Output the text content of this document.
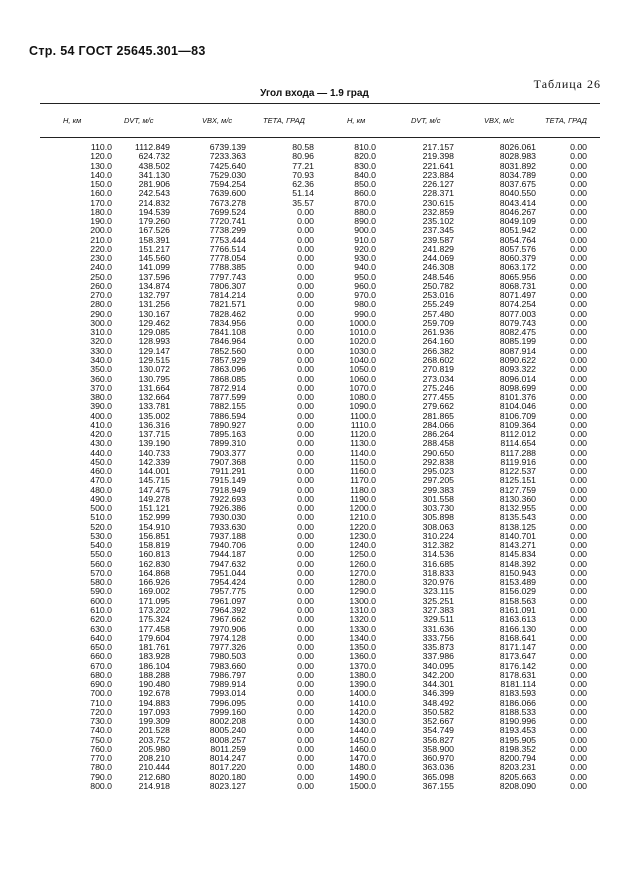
Стр. 54 ГОСТ 25645.301—83
Таблица 26
Угол входа — 1.9 град
H, км	DVT, м/с	VBX, м/с	ТЕТА, ГРАД	H, км	DVT, м/с	VBX, м/с	ТЕТА, ГРАД
110.0	1112.849	6739.139	80.58	810.0	217.157	8026.061	0.00
120.0	624.732	7233.363	80.96	820.0	219.398	8028.983	0.00
130.0	438.502	7425.640	77.21	830.0	221.641	8031.892	0.00
140.0	341.130	7529.030	70.93	840.0	223.884	8034.789	0.00
150.0	281.906	7594.254	62.36	850.0	226.127	8037.675	0.00
160.0	242.543	7639.600	51.14	860.0	228.371	8040.550	0.00
170.0	214.832	7673.278	35.57	870.0	230.615	8043.414	0.00
180.0	194.539	7699.524	0.00	880.0	232.859	8046.267	0.00
190.0	179.260	7720.741	0.00	890.0	235.102	8049.109	0.00
200.0	167.526	7738.299	0.00	900.0	237.345	8051.942	0.00
210.0	158.391	7753.444	0.00	910.0	239.587	8054.764	0.00
220.0	151.217	7766.514	0.00	920.0	241.829	8057.576	0.00
230.0	145.560	7778.054	0.00	930.0	244.069	8060.379	0.00
240.0	141.099	7788.385	0.00	940.0	246.308	8063.172	0.00
250.0	137.596	7797.743	0.00	950.0	248.546	8065.956	0.00
260.0	134.874	7806.307	0.00	960.0	250.782	8068.731	0.00
270.0	132.797	7814.214	0.00	970.0	253.016	8071.497	0.00
280.0	131.256	7821.571	0.00	980.0	255.249	8074.254	0.00
290.0	130.167	7828.462	0.00	990.0	257.480	8077.003	0.00
300.0	129.462	7834.956	0.00	1000.0	259.709	8079.743	0.00
310.0	129.085	7841.108	0.00	1010.0	261.936	8082.475	0.00
320.0	128.993	7846.964	0.00	1020.0	264.160	8085.199	0.00
330.0	129.147	7852.560	0.00	1030.0	266.382	8087.914	0.00
340.0	129.515	7857.929	0.00	1040.0	268.602	8090.622	0.00
350.0	130.072	7863.096	0.00	1050.0	270.819	8093.322	0.00
360.0	130.795	7868.085	0.00	1060.0	273.034	8096.014	0.00
370.0	131.664	7872.914	0.00	1070.0	275.246	8098.699	0.00
380.0	132.664	7877.599	0.00	1080.0	277.455	8101.376	0.00
390.0	133.781	7882.155	0.00	1090.0	279.662	8104.046	0.00
400.0	135.002	7886.594	0.00	1100.0	281.865	8106.709	0.00
410.0	136.316	7890.927	0.00	1110.0	284.066	8109.364	0.00
420.0	137.715	7895.163	0.00	1120.0	286.264	8112.012	0.00
430.0	139.190	7899.310	0.00	1130.0	288.458	8114.654	0.00
440.0	140.733	7903.377	0.00	1140.0	290.650	8117.288	0.00
450.0	142.339	7907.368	0.00	1150.0	292.838	8119.916	0.00
460.0	144.001	7911.291	0.00	1160.0	295.023	8122.537	0.00
470.0	145.715	7915.149	0.00	1170.0	297.205	8125.151	0.00
480.0	147.475	7918.949	0.00	1180.0	299.383	8127.759	0.00
490.0	149.278	7922.693	0.00	1190.0	301.558	8130.360	0.00
500.0	151.121	7926.386	0.00	1200.0	303.730	8132.955	0.00
510.0	152.999	7930.030	0.00	1210.0	305.898	8135.543	0.00
520.0	154.910	7933.630	0.00	1220.0	308.063	8138.125	0.00
530.0	156.851	7937.188	0.00	1230.0	310.224	8140.701	0.00
540.0	158.819	7940.706	0.00	1240.0	312.382	8143.271	0.00
550.0	160.813	7944.187	0.00	1250.0	314.536	8145.834	0.00
560.0	162.830	7947.632	0.00	1260.0	316.685	8148.392	0.00
570.0	164.868	7951.044	0.00	1270.0	318.833	8150.943	0.00
580.0	166.926	7954.424	0.00	1280.0	320.976	8153.489	0.00
590.0	169.002	7957.775	0.00	1290.0	323.115	8156.029	0.00
600.0	171.095	7961.097	0.00	1300.0	325.251	8158.563	0.00
610.0	173.202	7964.392	0.00	1310.0	327.383	8161.091	0.00
620.0	175.324	7967.662	0.00	1320.0	329.511	8163.613	0.00
630.0	177.458	7970.906	0.00	1330.0	331.636	8166.130	0.00
640.0	179.604	7974.128	0.00	1340.0	333.756	8168.641	0.00
650.0	181.761	7977.326	0.00	1350.0	335.873	8171.147	0.00
660.0	183.928	7980.503	0.00	1360.0	337.986	8173.647	0.00
670.0	186.104	7983.660	0.00	1370.0	340.095	8176.142	0.00
680.0	188.288	7986.797	0.00	1380.0	342.200	8178.631	0.00
690.0	190.480	7989.914	0.00	1390.0	344.301	8181.114	0.00
700.0	192.678	7993.014	0.00	1400.0	346.399	8183.593	0.00
710.0	194.883	7996.095	0.00	1410.0	348.492	8186.066	0.00
720.0	197.093	7999.160	0.00	1420.0	350.582	8188.533	0.00
730.0	199.309	8002.208	0.00	1430.0	352.667	8190.996	0.00
740.0	201.528	8005.240	0.00	1440.0	354.749	8193.453	0.00
750.0	203.752	8008.257	0.00	1450.0	356.827	8195.905	0.00
760.0	205.980	8011.259	0.00	1460.0	358.900	8198.352	0.00
770.0	208.210	8014.247	0.00	1470.0	360.970	8200.794	0.00
780.0	210.444	8017.220	0.00	1480.0	363.036	8203.231	0.00
790.0	212.680	8020.180	0.00	1490.0	365.098	8205.663	0.00
800.0	214.918	8023.127	0.00	1500.0	367.155	8208.090	0.00
